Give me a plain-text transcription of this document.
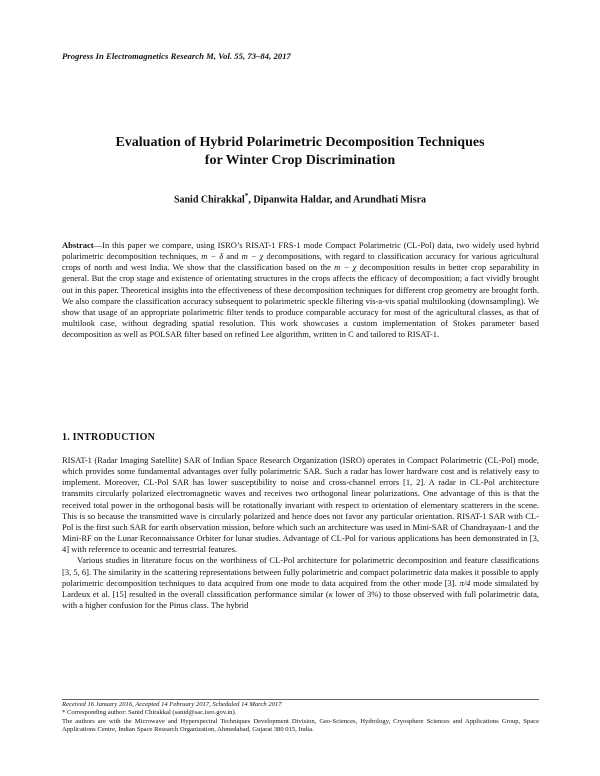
Progress In Electromagnetics Research M, Vol. 55, 73–84, 2017
Evaluation of Hybrid Polarimetric Decomposition Techniques
for Winter Crop Discrimination
Sanid Chirakkal*, Dipanwita Haldar, and Arundhati Misra
Abstract—In this paper we compare, using ISRO’s RISAT-1 FRS-1 mode Compact Polarimetric (CL-Pol) data, two widely used hybrid polarimetric decomposition techniques, m − δ and m − χ decompositions, with regard to classification accuracy for various agricultural crops of north and west India. We show that the classification based on the m − χ decomposition results in better crop separability in general. But the crop stage and existence of orientating structures in the crops affects the efficacy of decomposition; a fact vividly brought out in this paper. Theoretical insights into the effectiveness of these decomposition techniques for different crop geometry are brought forth. We also compare the classification accuracy subsequent to polarimetric speckle filtering vis-a-vis spatial multilooking (downsampling). We show that usage of an appropriate polarimetric filter tends to produce comparable accuracy for most of the agricultural classes, as that of multilook case, without degrading spatial resolution. This work showcases a custom implementation of Stokes parameter based decomposition as well as POLSAR filter based on refined Lee algorithm, written in C and tailored to RISAT-1.
1. INTRODUCTION

RISAT-1 (Radar Imaging Satellite) SAR of Indian Space Research Organization (ISRO) operates in Compact Polarimetric (CL-Pol) mode, which provides some fundamental advantages over fully polarimetric SAR. Such a radar has lower hardware cost and is relatively easy to implement. Moreover, CL-Pol SAR has lower susceptibility to noise and cross-channel errors [1, 2]. A radar in CL-Pol architecture transmits circularly polarized electromagnetic waves and receives two orthogonal linear polarizations. One advantage of this is that the received total power in the orthogonal basis will be rotationally invariant with respect to orientation of elementary scatterers in the scene. This is so because the transmitted wave is circularly polarized and hence does not favor any particular orientation. RISAT-1 SAR with CL-Pol is the first such SAR for earth observation mission, before which such an architecture was used in Mini-SAR of Chandrayaan-1 and the Mini-RF on the Lunar Reconnaissance Orbiter for lunar studies. Advantage of CL-Pol for various applications has been demonstrated in [3, 4] with reference to oceanic and terrestrial features.

Various studies in literature focus on the worthiness of CL-Pol architecture for polarimetric decomposition and feature classifications [3, 5, 6]. The similarity in the scattering representations between fully polarimetric and compact polarimetric data makes it possible to apply polarimetric decomposition techniques to data acquired from one mode to data acquired from the other mode [3]. π/4 mode simulated by Lardeux et al. [15] resulted in the overall classification performance similar (κ lower of 3%) to those observed with full polarimetric data, with a higher confusion for the Pinus class. The hybrid

Received 16 January 2016, Accepted 14 February 2017, Scheduled 14 March 2017
* Corresponding author: Sanid Chirakkal (sanid@sac.isro.gov.in).
The authors are with the Microwave and Hyperspectral Techniques Development Division, Geo-Sciences, Hydrology, Cryosphere Sciences and Applications Group, Space Applications Centre, Indian Space Research Organization, Ahmedabad, Gujarat 380 015, India.
